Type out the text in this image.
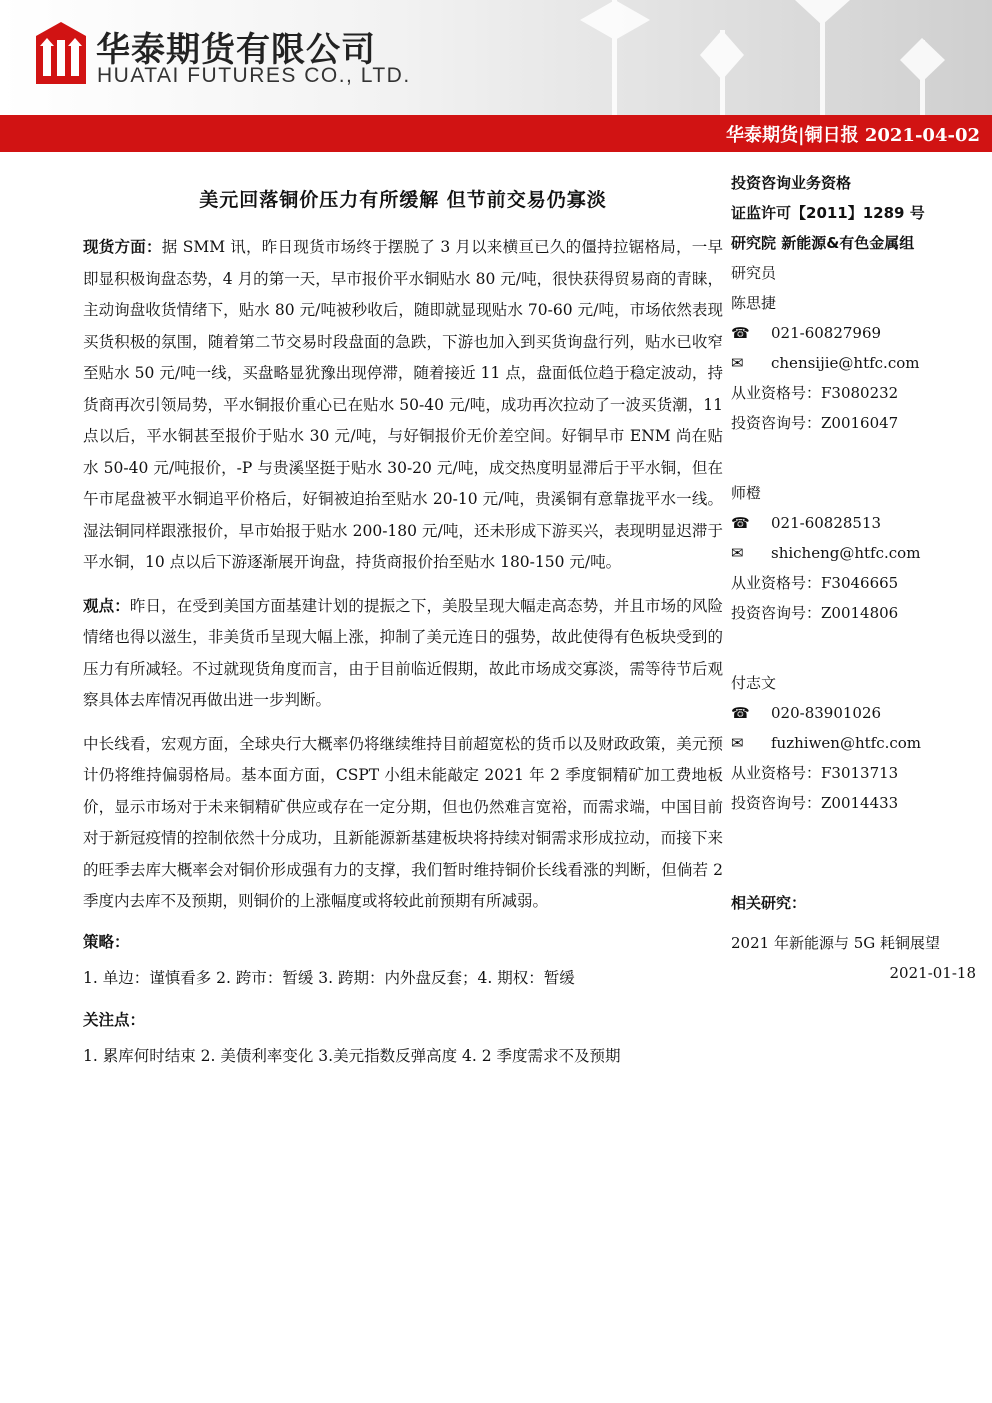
华泰期货有限公司
HUATAI FUTURES CO., LTD.
华泰期货|铜日报 2021-04-02
美元回落铜价压力有所缓解 但节前交易仍寡淡

现货方面：据 SMM 讯，昨日现货市场终于摆脱了 3 月以来横亘已久的僵持拉锯格局，一早即显积极询盘态势，4 月的第一天，早市报价平水铜贴水 80 元/吨，很快获得贸易商的青睐，主动询盘收货情绪下，贴水 80 元/吨被秒收后，随即就显现贴水 70-60 元/吨，市场依然表现买货积极的氛围，随着第二节交易时段盘面的急跌，下游也加入到买货询盘行列，贴水已收窄至贴水 50 元/吨一线，买盘略显犹豫出现停滞，随着接近 11 点，盘面低位趋于稳定波动，持货商再次引领局势，平水铜报价重心已在贴水 50-40 元/吨，成功再次拉动了一波买货潮，11 点以后，平水铜甚至报价于贴水 30 元/吨，与好铜报价无价差空间。好铜早市 ENM 尚在贴水 50-40 元/吨报价，-P 与贵溪坚挺于贴水 30-20 元/吨，成交热度明显滞后于平水铜，但在午市尾盘被平水铜追平价格后，好铜被迫抬至贴水 20-10 元/吨，贵溪铜有意靠拢平水一线。湿法铜同样跟涨报价，早市始报于贴水 200-180 元/吨，还未形成下游买兴，表现明显迟滞于平水铜，10 点以后下游逐渐展开询盘，持货商报价抬至贴水 180-150 元/吨。

观点：昨日，在受到美国方面基建计划的提振之下，美股呈现大幅走高态势，并且市场的风险情绪也得以滋生，非美货币呈现大幅上涨，抑制了美元连日的强势，故此使得有色板块受到的压力有所减轻。不过就现货角度而言，由于目前临近假期，故此市场成交寡淡，需等待节后观察具体去库情况再做出进一步判断。

中长线看，宏观方面，全球央行大概率仍将继续维持目前超宽松的货币以及财政政策，美元预计仍将维持偏弱格局。基本面方面，CSPT 小组未能敲定 2021 年 2 季度铜精矿加工费地板价，显示市场对于未来铜精矿供应或存在一定分期，但也仍然难言宽裕，而需求端，中国目前对于新冠疫情的控制依然十分成功，且新能源新基建板块将持续对铜需求形成拉动，而接下来的旺季去库大概率会对铜价形成强有力的支撑，我们暂时维持铜价长线看涨的判断，但倘若 2 季度内去库不及预期，则铜价的上涨幅度或将较此前预期有所减弱。

策略：
1. 单边：谨慎看多 2. 跨市：暂缓 3. 跨期：内外盘反套；4. 期权：暂缓
关注点：
1. 累库何时结束 2. 美债利率变化 3.美元指数反弹高度 4. 2 季度需求不及预期
投资咨询业务资格
证监许可【2011】1289 号
研究院 新能源&有色金属组
研究员
陈思捷
☎	021-60827969
✉	chensijie@htfc.com
从业资格号：F3080232
投资咨询号：Z0016047
师橙
☎	021-60828513
✉	shicheng@htfc.com
从业资格号：F3046665
投资咨询号：Z0014806
付志文
☎	020-83901026
✉	fuzhiwen@htfc.com
从业资格号：F3013713
投资咨询号：Z0014433
相关研究：
2021 年新能源与 5G 耗铜展望
2021-01-18
